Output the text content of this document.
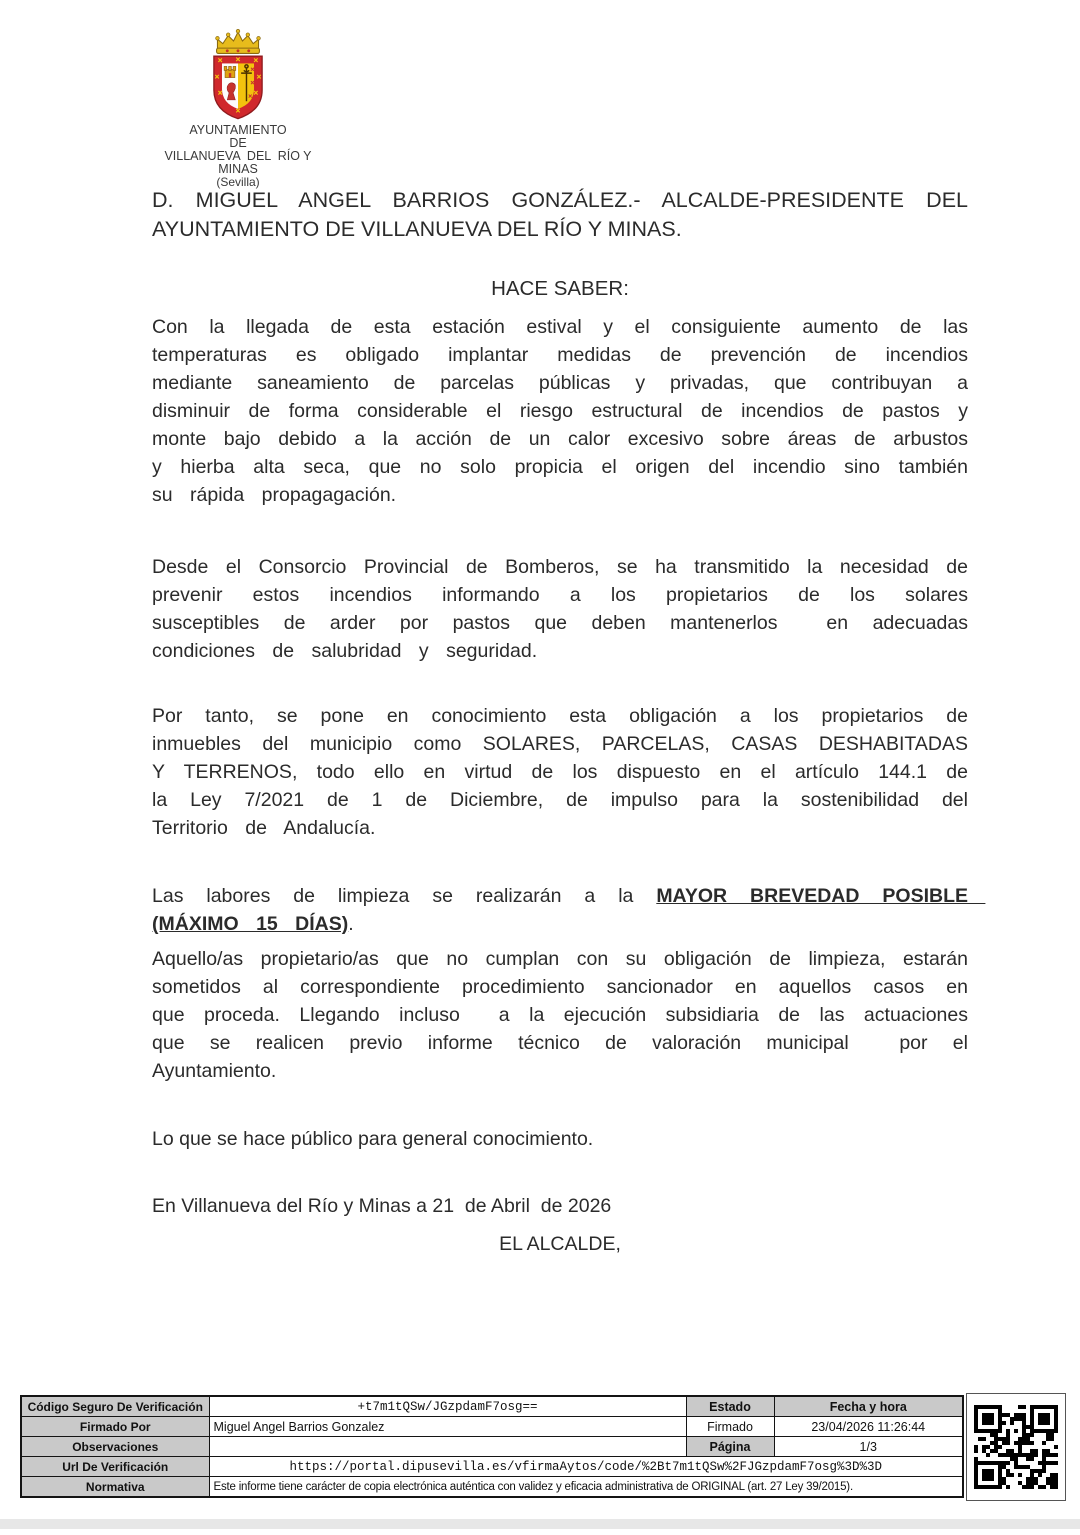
AYUNTAMIENTO
DE
VILLANUEVA  DEL  RÍO Y MINAS
(Sevilla)
D. MIGUEL ANGEL BARRIOS GONZÁLEZ.- ALCALDE-PRESIDENTE DEL AYUNTAMIENTO DE VILLANUEVA DEL RÍO Y MINAS.
HACE SABER:

Con la llegada de esta estación estival y el consiguiente aumento de las temperaturas es obligado implantar medidas de prevención de incendios mediante saneamiento de parcelas públicas y privadas, que contribuyan a disminuir de forma considerable el riesgo estructural de incendios de pastos y monte bajo debido a la acción de un calor excesivo sobre áreas de arbustos y hierba alta seca, que no solo propicia el origen del incendio sino también su rápida propagagación.

Desde el Consorcio Provincial de Bomberos, se ha transmitido la necesidad de prevenir estos incendios informando a los propietarios de los solares susceptibles de arder por pastos que deben mantenerlos  en adecuadas condiciones de salubridad y seguridad.

Por tanto, se pone en conocimiento esta obligación a los propietarios de inmuebles del municipio como SOLARES, PARCELAS, CASAS DESHABITADAS Y TERRENOS, todo ello en virtud de los dispuesto en el artículo 144.1 de la Ley 7/2021 de 1 de Diciembre, de impulso para la sostenibilidad del Territorio de Andalucía.

Las labores de limpieza se realizarán a la MAYOR BREVEDAD POSIBLE (MÁXIMO 15 DÍAS).

Aquello/as propietario/as que no cumplan con su obligación de limpieza, estarán sometidos al correspondiente procedimiento sancionador en aquellos casos en que proceda. Llegando incluso  a la ejecución subsidiaria de las actuaciones que se realicen previo informe técnico de valoración municipal  por el Ayuntamiento.

Lo que se hace público para general conocimiento.

En Villanueva del Río y Minas a 21  de Abril  de 2026

EL ALCALDE,

Código Seguro De Verificación	+t7m1tQSw/JGzpdamF7osg==	Estado	Fecha y hora
Firmado Por	Miguel Angel Barrios Gonzalez	Firmado	23/04/2026 11:26:44
Observaciones		Página	1/3
Url De Verificación	https://portal.dipusevilla.es/vfirmaAytos/code/%2Bt7m1tQSw%2FJGzpdamF7osg%3D%3D		
Normativa	Este informe tiene carácter de copia electrónica auténtica con validez y eficacia administrativa de ORIGINAL (art. 27 Ley 39/2015).		
